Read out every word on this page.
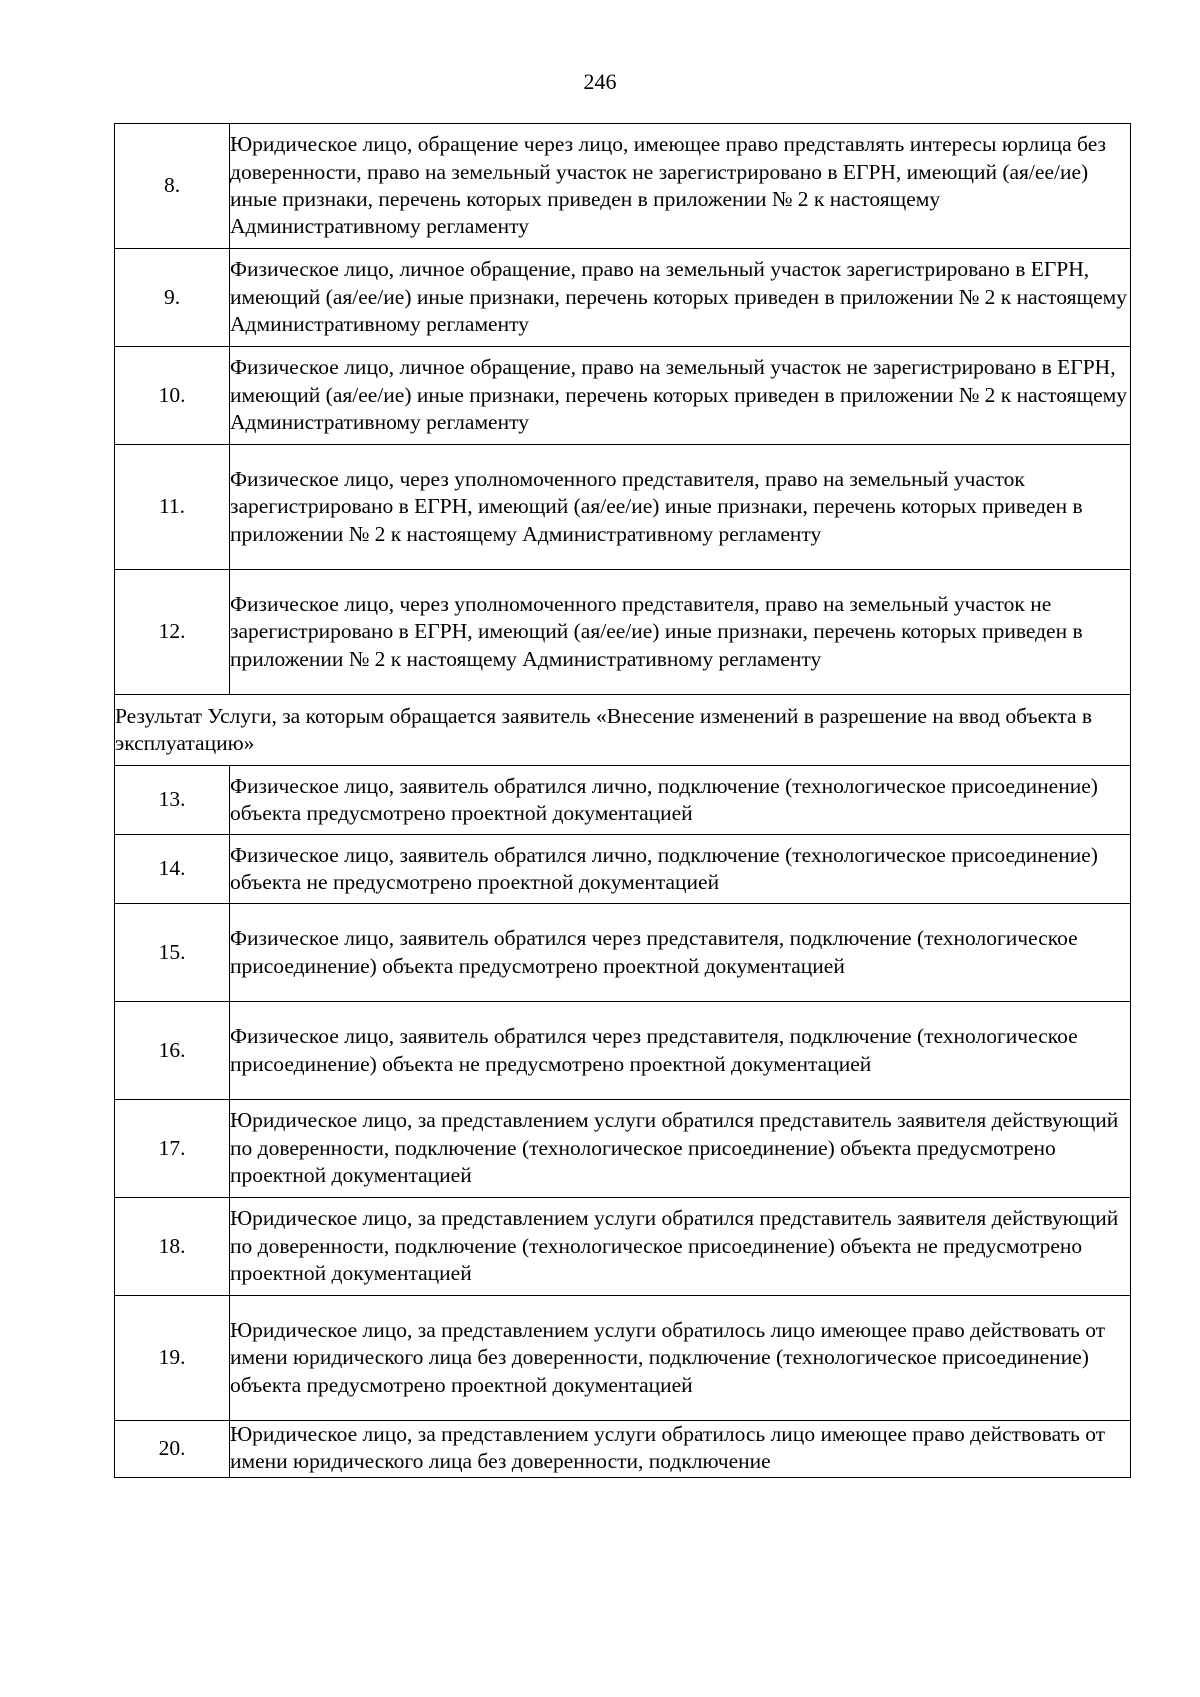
246
8.	Юридическое лицо, обращение через лицо, имеющее право представлять интересы юрлица без доверенности, право на земельный участок не зарегистрировано в ЕГРН, имеющий (ая/ее/ие) иные признаки, перечень которых приведен в приложении № 2 к настоящему Административному регламенту
9.	Физическое лицо, личное обращение, право на земельный участок зарегистрировано в ЕГРН, имеющий (ая/ее/ие) иные признаки, перечень которых приведен в приложении № 2 к настоящему Административному регламенту
10.	Физическое лицо, личное обращение, право на земельный участок не зарегистрировано в ЕГРН, имеющий (ая/ее/ие) иные признаки, перечень которых приведен в приложении № 2 к настоящему Административному регламенту
11.	Физическое лицо, через уполномоченного представителя, право на земельный участок зарегистрировано в ЕГРН, имеющий (ая/ее/ие) иные признаки, перечень которых приведен в приложении № 2 к настоящему Административному регламенту
12.	Физическое лицо, через уполномоченного представителя, право на земельный участок не зарегистрировано в ЕГРН, имеющий (ая/ее/ие) иные признаки, перечень которых приведен в приложении № 2 к настоящему Административному регламенту
Результат Услуги, за которым обращается заявитель «Внесение изменений в разрешение на ввод объекта в эксплуатацию»	
13.	Физическое лицо, заявитель обратился лично, подключение (технологическое присоединение) объекта предусмотрено проектной документацией
14.	Физическое лицо, заявитель обратился лично, подключение (технологическое присоединение) объекта не предусмотрено проектной документацией
15.	Физическое лицо, заявитель обратился через представителя, подключение (технологическое присоединение) объекта предусмотрено проектной документацией
16.	Физическое лицо, заявитель обратился через представителя, подключение (технологическое присоединение) объекта не предусмотрено проектной документацией
17.	Юридическое лицо, за представлением услуги обратился представитель заявителя действующий по доверенности, подключение (технологическое присоединение) объекта предусмотрено проектной документацией
18.	Юридическое лицо, за представлением услуги обратился представитель заявителя действующий по доверенности, подключение (технологическое присоединение) объекта не предусмотрено проектной документацией
19.	Юридическое лицо, за представлением услуги обратилось лицо имеющее право действовать от имени юридического лица без доверенности, подключение (технологическое присоединение) объекта предусмотрено проектной документацией
20.	Юридическое лицо, за представлением услуги обратилось лицо имеющее право действовать от имени юридического лица без доверенности, подключение
